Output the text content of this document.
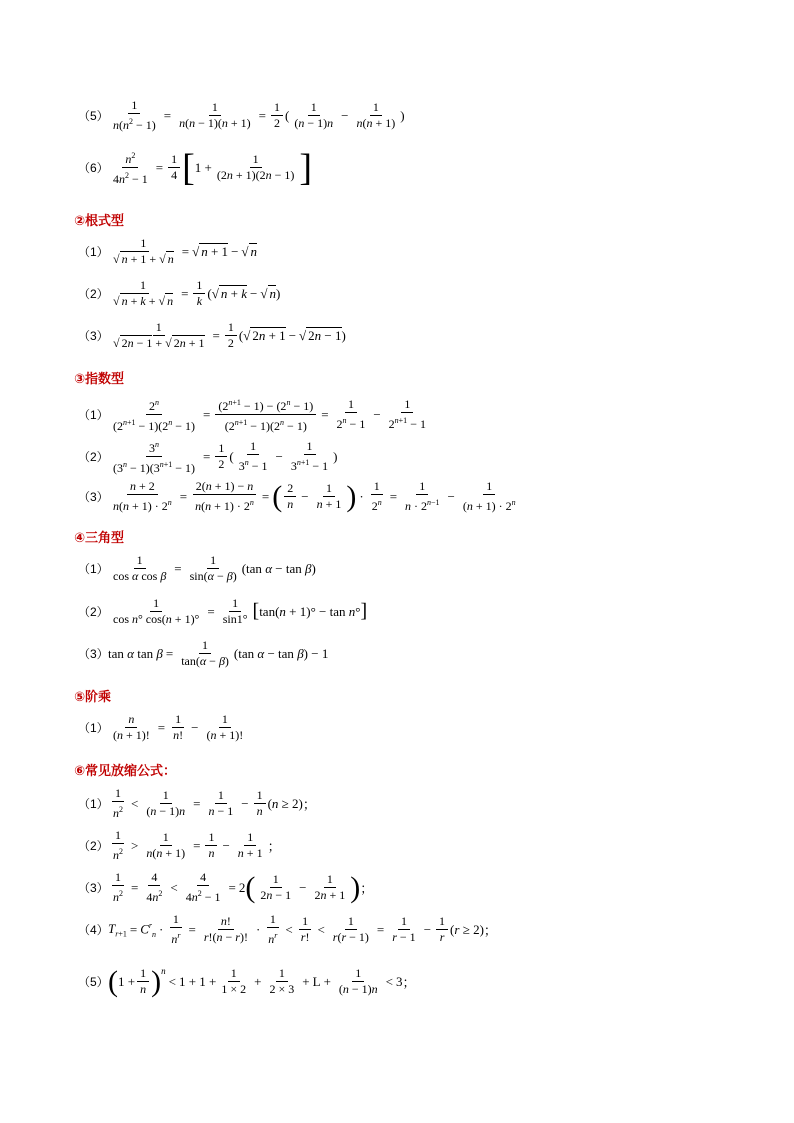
$(5) \frac{1}{n(n^2 - 1)} = \frac{1}{n(n - 1)(n + 1)} = \frac{1}{2}$ (
1
(n − 1)n
− $\frac{1}{n(n + 1)}$ )
$(6) \frac{n^2}{4n^2 - 1} = \frac{1}{4}$ [ $1 + \frac{1}{(2n + 1)(2n - 1)}$ ]
②根式型
$(1) \frac{1}{√ n + 1 + √ n}$ = √ n + 1 − √ n
$(2) \frac{1}{√ n + k + √ n} = \frac{1}{k}$ ( √ n + k − √ n )
$(3) \frac{1}{√ 2n - 1 + √ 2n + 1} = \frac{1}{2}$ ( √ 2n + 1 − √ 2n − 1 )
③指数型
$(1) \frac{2^n}{(2^{n+1} - 1)(2^n - 1)} = \frac{(2^{n+1} - 1) - (2^n - 1)}{(2^{n+1} - 1)(2^n - 1)} = \frac{1}{2^n - 1} - \frac{1}{2^{n+1} - 1}$
$(2) \frac{3^n}{(3^n - 1)(3^{n+1} - 1)} = \frac{1}{2}$ (
1
$3^n - 1$
− $\frac{1}{3^{n+1} - 1}$ )
$(3) \frac{n + 2}{n(n + 1) \cdot 2^n} = \frac{2(n + 1) - n}{n(n + 1) \cdot 2^n}$ = ( 2
n
− $\frac{1}{n + 1}$ ) · $\frac{1}{2^n} = \frac{1}{n \cdot 2^{n-1}} - \frac{1}{(n + 1) \cdot 2^n}$
④三角型
$(1) \frac{1}{\text{cos α cos β}} = \frac{1}{\sin(\alpha - \beta)} (\tan$ α − tan β)
$(2) \frac{1}{\text{cos n° cos(n + 1)°}} = \frac{1}{\sin 1^\circ}$ [ tan(n + 1)° − tan n° ]
（3） tan α $\tan \beta = \frac{1}{\tan(\alpha - \beta)} (\tan$ α − tan β) − 1
⑤阶乘
$(1) \frac{n}{(n + 1)!} = \frac{1}{n!} - \frac{1}{(n + 1)!}$
⑥常见放缩公式：
（1）
1
$n^2 < \frac{1}{(n - 1)n} = \frac{1}{n - 1} - \frac{1}{n} (n \ge 2)$ ；
（2）
1
$n^2 > \frac{1}{n(n + 1)} = \frac{1}{n} - \frac{1}{n + 1}$ ；
$(3) \frac{1}{n^2} = \frac{4}{4n^2} < \frac{4}{4n^2 - 1} = 2$ ( 1
2n − 1
− $\frac{1}{2n + 1}$ ) ；
（4） $T_{r+1} = C^r_n \cdot \frac{1}{n^r} = \frac{n!}{r!(n - r)!}$ ·
1
$n^r$ <
1
r!
< $\frac{1}{r(r - 1)} = \frac{1}{r - 1} - \frac{1}{r} (r \ge 2)$ ；
（5） ( $1 + \frac{1}{n}$ ) n
< $1 + 1 + \frac{1}{1 \times 2} + \frac{1}{2 \times 3} + L + \frac{1}{(n - 1)n} < 3$ ；
